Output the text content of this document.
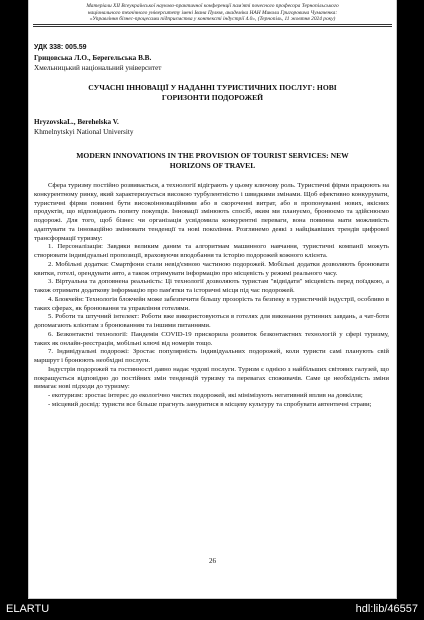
Матеріали XII Всеукраїнської науково-практичної конференції пам'яті почесного професора Тернопільського
національного технічного університету імені Івана Пулюя, академіка НАН Миколи Григоровича Чумаченка:
«Управління бізнес-процесами підприємства у контексті індустрії 4.0», (Тернопіль, 11 жовтня 2024 року)
УДК 338: 005.59
Грицовська Л.О., Берегельська В.В.
Хмельницький національний університет
СУЧАСНІ ІННОВАЦІЇ У НАДАННІ ТУРИСТИЧНИХ ПОСЛУГ: НОВІ
ГОРИЗОНТИ ПОДОРОЖЕЙ
HryzovskaL., Berehelska V.
Khmelnytskyi National University
MODERN INNOVATIONS IN THE PROVISION OF TOURIST SERVICES: NEW
HORIZONS OF TRAVEL

Сфера туризму постійно розвивається, а технології відіграють у цьому ключову роль. Туристичні фірми працюють на конкурентному ринку, який характеризується високою турбулентністю і швидкими змінами. Щоб ефективно конкурувати, туристичні фірми повинні бути високоінноваційними або в скороченні витрат, або в пропонуванні нових, якісних продуктів, що відповідають попиту покупців. Інновації змінюють спосіб, яким ми плануємо, бронюємо та здійснюємо подорожі. Для того, щоб бізнес чи організація усвідомила конкурентні переваги, вона повинна мати можливість адаптувати та інноваційно змінювати тенденції та нові покоління. Розглянемо деякі з найцікавіших трендів цифрової трансформації туризму:

1. Персоналізація: Завдяки великим даним та алгоритмам машинного навчання, туристичні компанії можуть створювати індивідуальні пропозиції, враховуючи вподобання та історію подорожей кожного клієнта.

2. Мобільні додатки: Смартфони стали невід'ємною частиною подорожей. Мобільні додатки дозволяють бронювати квитки, готелі, орендувати авто, а також отримувати інформацію про місцевість у режимі реального часу.

3. Віртуальна та доповнена реальність: Ці технології дозволяють туристам "відвідати" місцевість перед поїздкою, а також отримати додаткову інформацію про пам'ятки та історичні місця під час подорожей.

4. Блокчейн: Технологія блокчейн може забезпечити більшу прозорість та безпеку в туристичній індустрії, особливо в таких сферах, як бронювання та управління готелями.

5. Роботи та штучний інтелект: Роботи вже використовуються в готелях для виконання рутинних завдань, а чат-боти допомагають клієнтам з бронюванням та іншими питаннями.

6. Безконтактні технології: Пандемія COVID-19 прискорила розвиток безконтактних технологій у сфері туризму, таких як онлайн-реєстрація, мобільні ключі від номерів тощо.

7. Індивідуальні подорожі: Зростає популярність індивідуальних подорожей, коли туристи самі планують свій маршрут і бронюють необхідні послуги.

Індустрія подорожей та гостинності давно надає чудові послуги. Туризм є однією з найбільших світових галузей, що покращується відповідно до постійних змін тенденцій туризму та перевагах споживачів. Саме це необхідність зміни вимагає нові підходи до туризму:

- екотуризм: зростає інтерес до екологічно чистих подорожей, які мінімізують негативний вплив на довкілля;

- місцевий досвід: туристи все більше прагнуть зануритися в місцеву культуру та спробувати автентичні страви;

26
ELARTU	hdl:lib/46557
